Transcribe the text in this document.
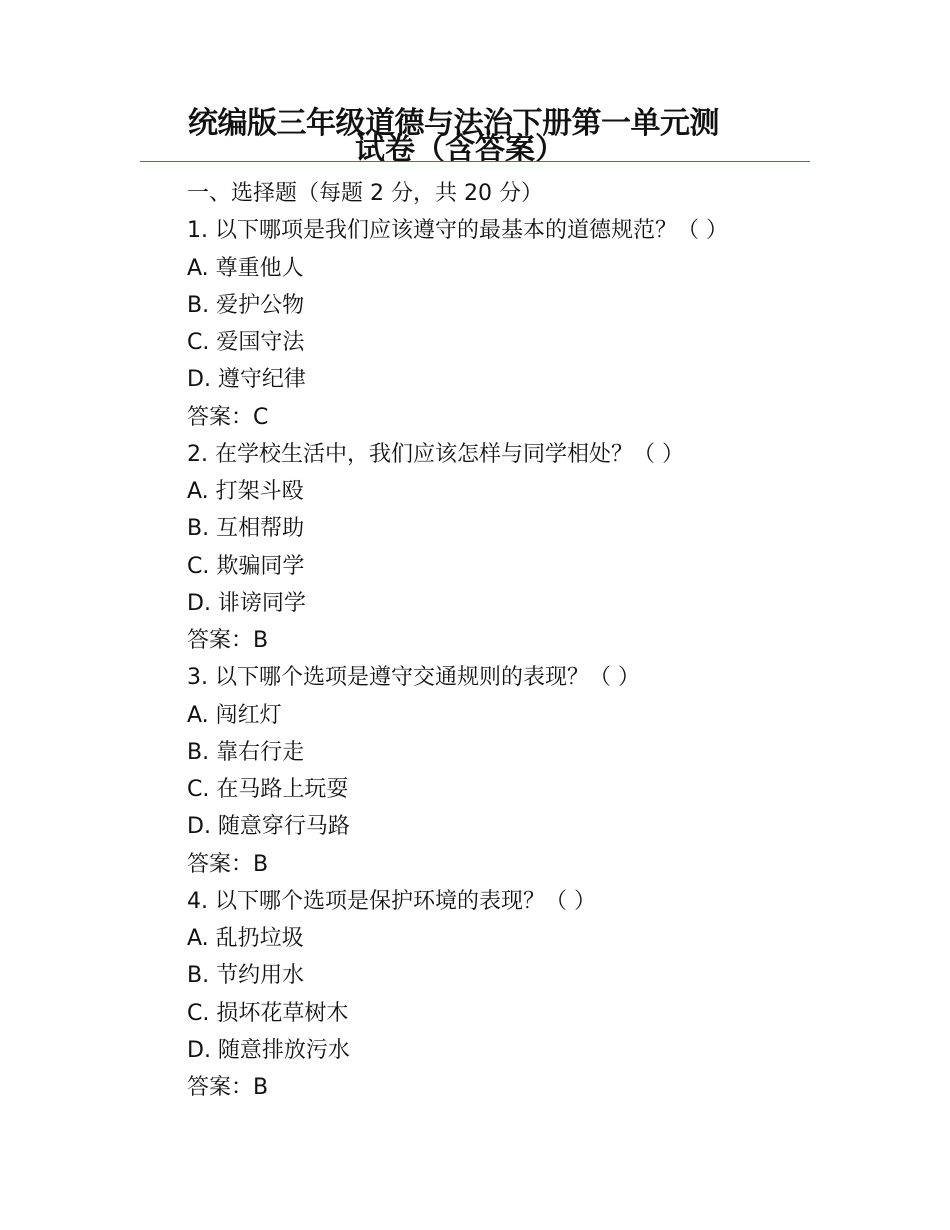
统编版三年级道德与法治下册第一单元测
试卷（含答案）
一、选择题（每题 2 分，共 20 分）
1. 以下哪项是我们应该遵守的最基本的道德规范？（ ）
A. 尊重他人
B. 爱护公物
C. 爱国守法
D. 遵守纪律
答案：C
2. 在学校生活中，我们应该怎样与同学相处？（ ）
A. 打架斗殴
B. 互相帮助
C. 欺骗同学
D. 诽谤同学
答案：B
3. 以下哪个选项是遵守交通规则的表现？（ ）
A. 闯红灯
B. 靠右行走
C. 在马路上玩耍
D. 随意穿行马路
答案：B
4. 以下哪个选项是保护环境的表现？（ ）
A. 乱扔垃圾
B. 节约用水
C. 损坏花草树木
D. 随意排放污水
答案：B
